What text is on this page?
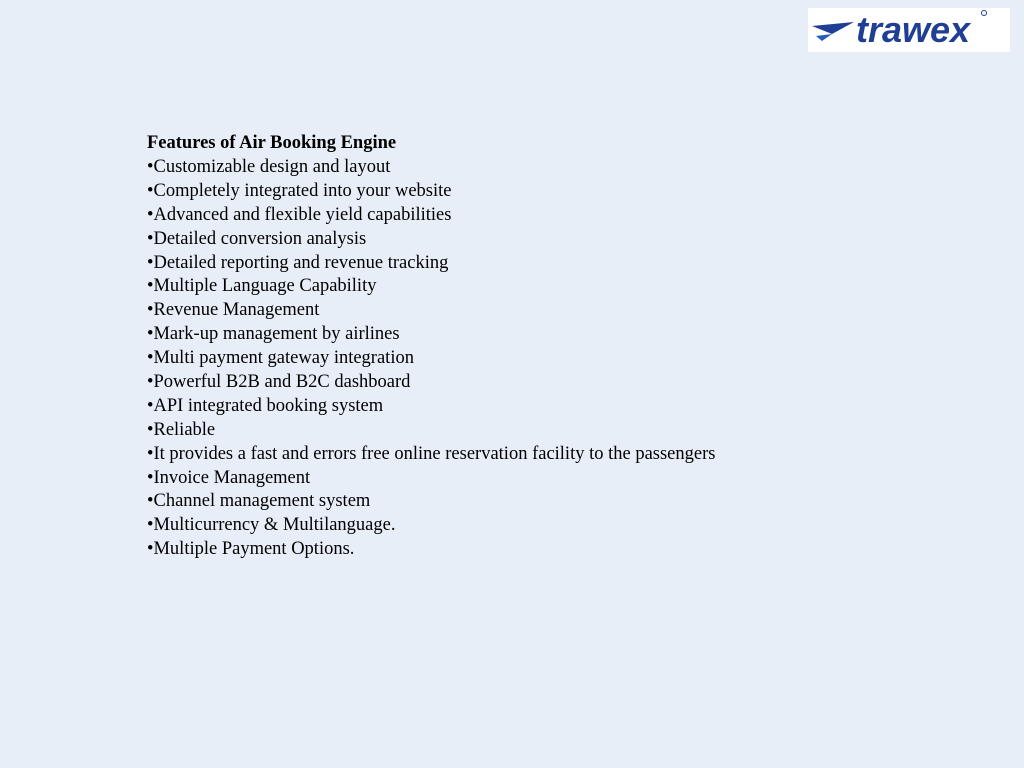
trawex

Features of Air Booking Engine

• Customizable design and layout
• Completely integrated into your website
• Advanced and flexible yield capabilities
• Detailed conversion analysis
• Detailed reporting and revenue tracking
• Multiple Language Capability
• Revenue Management
• Mark-up management by airlines
• Multi payment gateway integration
• Powerful B2B and B2C dashboard
• API integrated booking system
• Reliable
• It provides a fast and errors free online reservation facility to the passengers
• Invoice Management
• Channel management system
• Multicurrency & Multilanguage.
• Multiple Payment Options.
